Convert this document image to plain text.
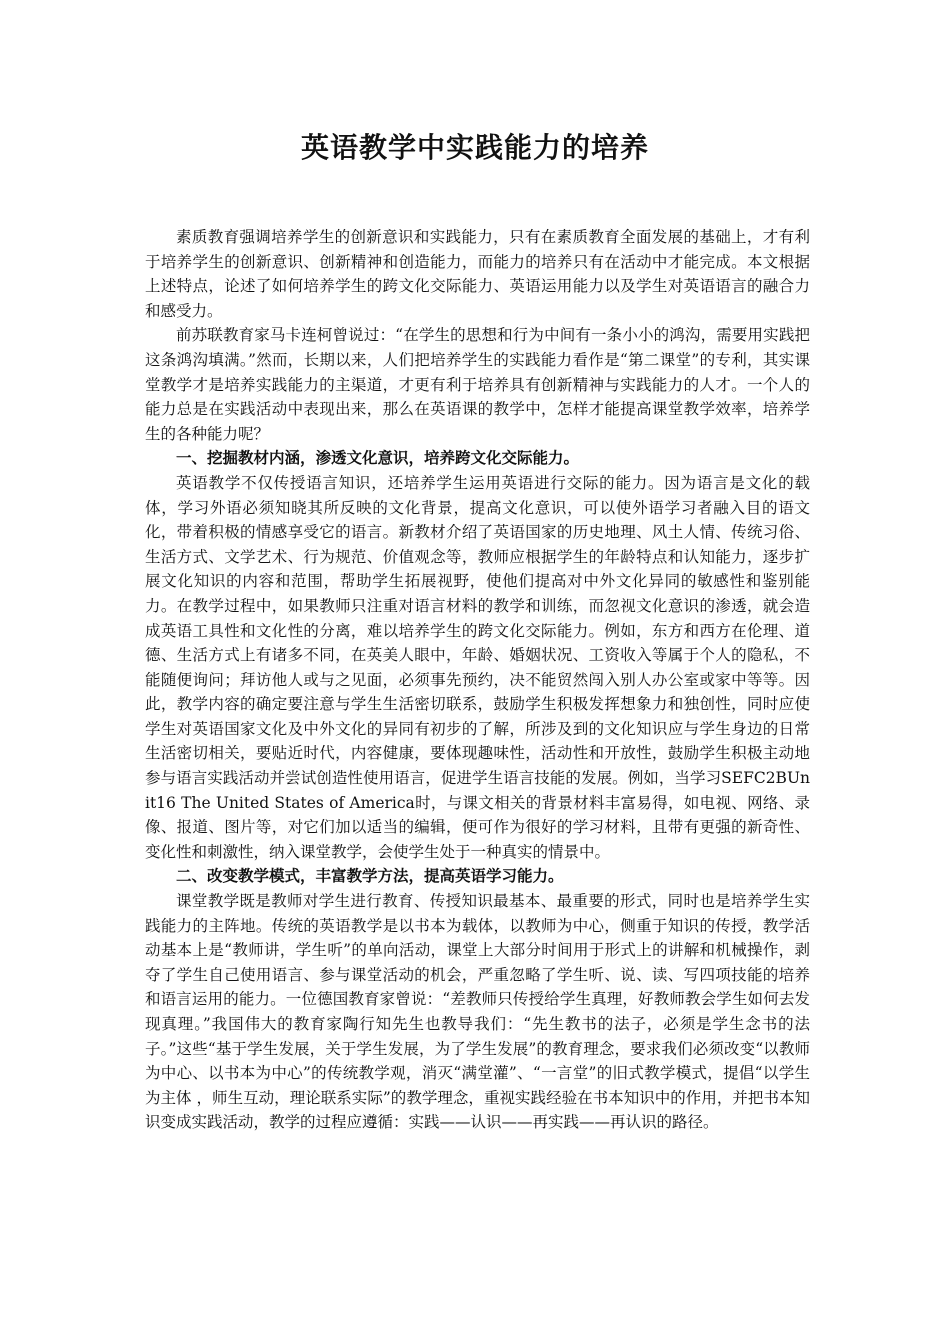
英语教学中实践能力的培养

素质教育强调培养学生的创新意识和实践能力，只有在素质教育全面发展的基础上，才有利于培养学生的创新意识、创新精神和创造能力，而能力的培养只有在活动中才能完成。本文根据上述特点，论述了如何培养学生的跨文化交际能力、英语运用能力以及学生对英语语言的融合力和感受力。

前苏联教育家马卡连柯曾说过：“在学生的思想和行为中间有一条小小的鸿沟，需要用实践把这条鸿沟填满。”然而，长期以来，人们把培养学生的实践能力看作是“第二课堂”的专利，其实课堂教学才是培养实践能力的主渠道，才更有利于培养具有创新精神与实践能力的人才。一个人的能力总是在实践活动中表现出来，那么在英语课的教学中，怎样才能提高课堂教学效率，培养学生的各种能力呢？

一、挖掘教材内涵，渗透文化意识，培养跨文化交际能力。

英语教学不仅传授语言知识，还培养学生运用英语进行交际的能力。因为语言是文化的载体，学习外语必须知晓其所反映的文化背景，提高文化意识，可以使外语学习者融入目的语文化，带着积极的情感享受它的语言。新教材介绍了英语国家的历史地理、风土人情、传统习俗、生活方式、文学艺术、行为规范、价值观念等，教师应根据学生的年龄特点和认知能力，逐步扩展文化知识的内容和范围，帮助学生拓展视野，使他们提高对中外文化异同的敏感性和鉴别能力。在教学过程中，如果教师只注重对语言材料的教学和训练，而忽视文化意识的渗透，就会造成英语工具性和文化性的分离，难以培养学生的跨文化交际能力。例如，东方和西方在伦理、道德、生活方式上有诸多不同，在英美人眼中，年龄、婚姻状况、工资收入等属于个人的隐私，不能随便询问；拜访他人或与之见面，必须事先预约，决不能贸然闯入别人办公室或家中等等。因此，教学内容的确定要注意与学生生活密切联系，鼓励学生积极发挥想象力和独创性，同时应使学生对英语国家文化及中外文化的异同有初步的了解，所涉及到的文化知识应与学生身边的日常生活密切相关，要贴近时代，内容健康，要体现趣味性，活动性和开放性，鼓励学生积极主动地参与语言实践活动并尝试创造性使用语言，促进学生语言技能的发展。例如，当学习SEFC2BUnit16 The United States of America时，与课文相关的背景材料丰富易得，如电视、网络、录像、报道、图片等，对它们加以适当的编辑，便可作为很好的学习材料，且带有更强的新奇性、变化性和刺激性，纳入课堂教学，会使学生处于一种真实的情景中。

二、改变教学模式，丰富教学方法，提高英语学习能力。

课堂教学既是教师对学生进行教育、传授知识最基本、最重要的形式，同时也是培养学生实践能力的主阵地。传统的英语教学是以书本为载体，以教师为中心，侧重于知识的传授，教学活动基本上是“教师讲，学生听”的单向活动，课堂上大部分时间用于形式上的讲解和机械操作，剥夺了学生自己使用语言、参与课堂活动的机会，严重忽略了学生听、说、读、写四项技能的培养和语言运用的能力。一位德国教育家曾说：“差教师只传授给学生真理，好教师教会学生如何去发现真理。”我国伟大的教育家陶行知先生也教导我们：“先生教书的法子，必须是学生念书的法子。”这些“基于学生发展，关于学生发展，为了学生发展”的教育理念，要求我们必须改变“以教师为中心、以书本为中心”的传统教学观，消灭“满堂灌”、“一言堂”的旧式教学模式，提倡“以学生为主体 ，师生互动，理论联系实际”的教学理念，重视实践经验在书本知识中的作用，并把书本知识变成实践活动，教学的过程应遵循：实践——认识——再实践——再认识的路径。
